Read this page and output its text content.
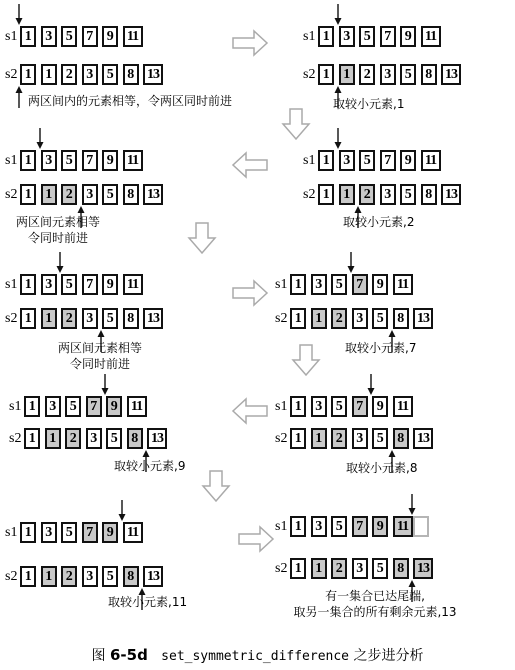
s1
s2
1	3	5	7	9 11
1	1	2	3	5	8 13
两区间内的元素相等，令两区同时前进
s1
s2
1	3	5	7	9 11
1	1	2	3	5	8 13
取较小元素,1
s1
s2
1	3	5	7	9 11
1	1	2	3	5	8 13
取较小元素,2
s1
s2
1	3	5	7	9 11
1	1	2	3	5	8 13
两区间元素相等
令同时前进
s1
s2
1	3	5	7	9 11
1	1	2	3	5	8 13
两区间元素相等
令同时前进
s1
s2
1	3	5	7	9 11
1	1	2	3	5	8 13
取较小元素,7
s1
s2
1	3	5	7	9 11
1	1	2	3	5	8 13
取较小元素,8
s1
s2
1	3	5	7	9 11
1	1	2	3	5	8 13
取较小元素,9
s1
s2
1	3	5	7	9 11
1	1	2	3	5	8 13
取较小元素,11
s1
s2
1	3	5	7	9 11
1	1	2	3	5	8 13
有一集合已达尾端,
取另一集合的所有剩余元素,13
图 6-5d set_symmetric_difference 之步进分析
